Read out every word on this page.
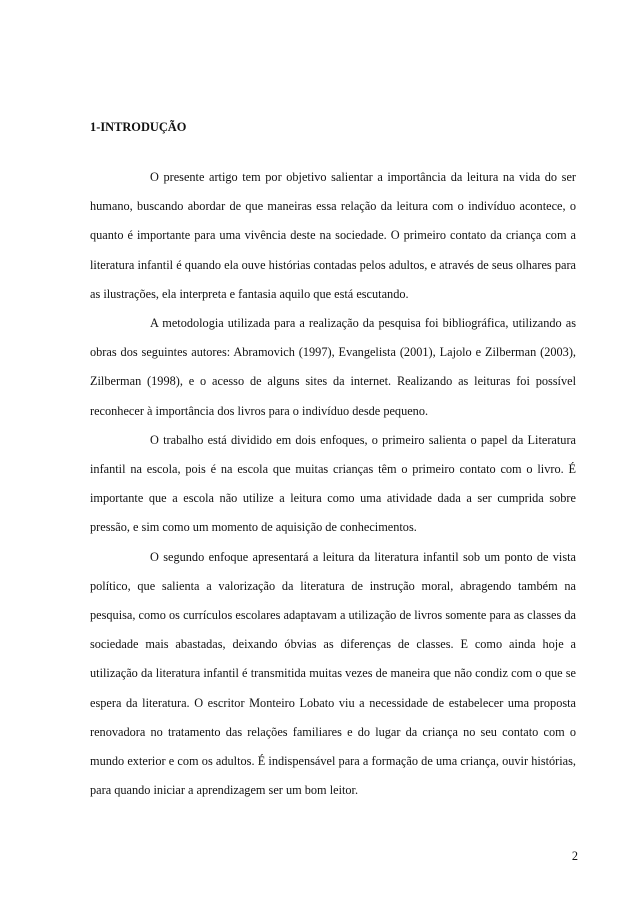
1-INTRODUÇÃO

O presente artigo tem por objetivo salientar a importância da leitura na vida do ser humano, buscando abordar de que maneiras essa relação da leitura com o indivíduo acontece, o quanto é importante para uma vivência deste na sociedade. O primeiro contato da criança com a literatura infantil é quando ela ouve histórias contadas pelos adultos, e através de seus olhares para as ilustrações, ela interpreta e fantasia aquilo que está escutando.

A metodologia utilizada para a realização da pesquisa foi bibliográfica, utilizando as obras dos seguintes autores: Abramovich (1997), Evangelista (2001), Lajolo e Zilberman (2003), Zilberman (1998), e o acesso de alguns sites da internet. Realizando as leituras foi possível reconhecer à importância dos livros para o indivíduo desde pequeno.

O trabalho está dividido em dois enfoques, o primeiro salienta o papel da Literatura infantil na escola, pois é na escola que muitas crianças têm o primeiro contato com o livro. É importante que a escola não utilize a leitura como uma atividade dada a ser cumprida sobre pressão, e sim como um momento de aquisição de conhecimentos.

O segundo enfoque apresentará a leitura da literatura infantil sob um ponto de vista político, que salienta a valorização da literatura de instrução moral, abragendo também na pesquisa, como os currículos escolares adaptavam a utilização de livros somente para as classes da sociedade mais abastadas, deixando óbvias as diferenças de classes. E como ainda hoje a utilização da literatura infantil é transmitida muitas vezes de maneira que não condiz com o que se espera da literatura. O escritor Monteiro Lobato viu a necessidade de estabelecer uma proposta renovadora no tratamento das relações familiares e do lugar da criança no seu contato com o mundo exterior e com os adultos. É indispensável para a formação de uma criança, ouvir histórias, para quando iniciar a aprendizagem ser um bom leitor.

2
